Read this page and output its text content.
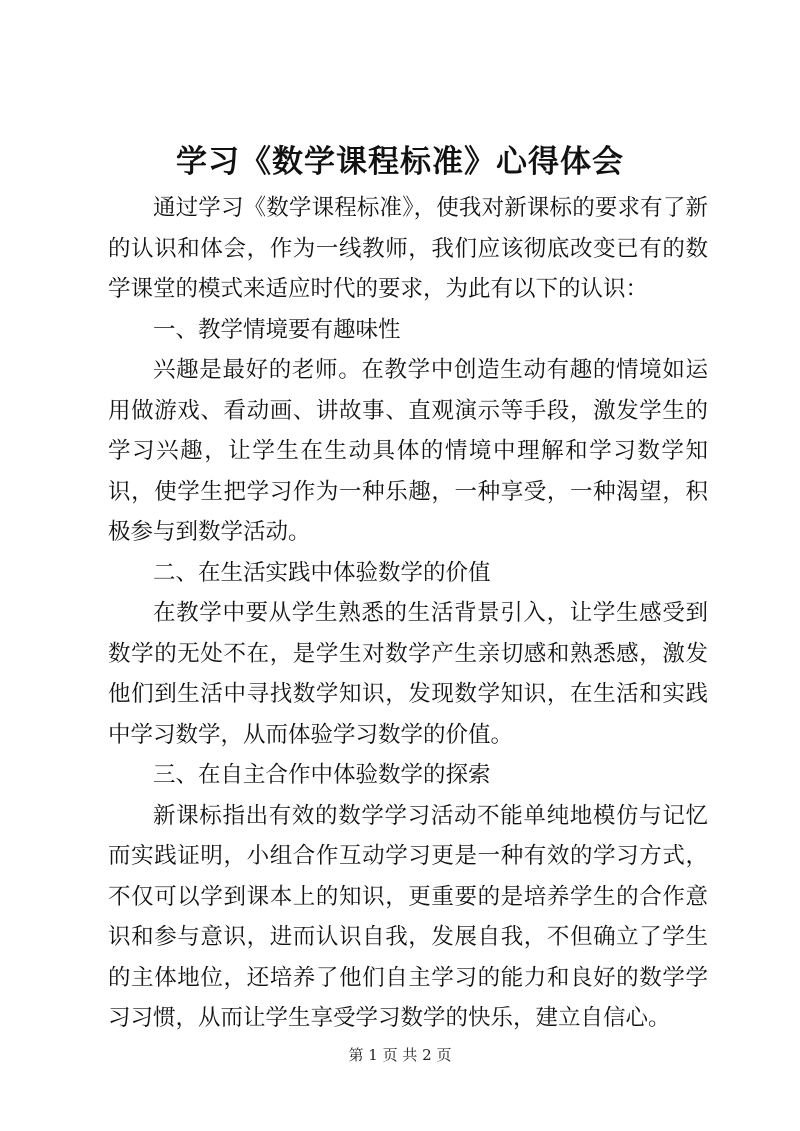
学习《数学课程标准》心得体会

通过学习《数学课程标准》，使我对新课标的要求有了新的认识和体会，作为一线教师，我们应该彻底改变已有的数学课堂的模式来适应时代的要求，为此有以下的认识：

一、教学情境要有趣味性

兴趣是最好的老师。在教学中创造生动有趣的情境如运用做游戏、看动画、讲故事、直观演示等手段，激发学生的学习兴趣，让学生在生动具体的情境中理解和学习数学知识，使学生把学习作为一种乐趣，一种享受，一种渴望，积极参与到数学活动。

二、在生活实践中体验数学的价值

在教学中要从学生熟悉的生活背景引入，让学生感受到数学的无处不在，是学生对数学产生亲切感和熟悉感，激发他们到生活中寻找数学知识，发现数学知识，在生活和实践中学习数学，从而体验学习数学的价值。

三、在自主合作中体验数学的探索

新课标指出有效的数学学习活动不能单纯地模仿与记忆而实践证明，小组合作互动学习更是一种有效的学习方式，不仅可以学到课本上的知识，更重要的是培养学生的合作意识和参与意识，进而认识自我，发展自我，不但确立了学生的主体地位，还培养了他们自主学习的能力和良好的数学学习习惯，从而让学生享受学习数学的快乐，建立自信心。

第 1 页 共 2 页
